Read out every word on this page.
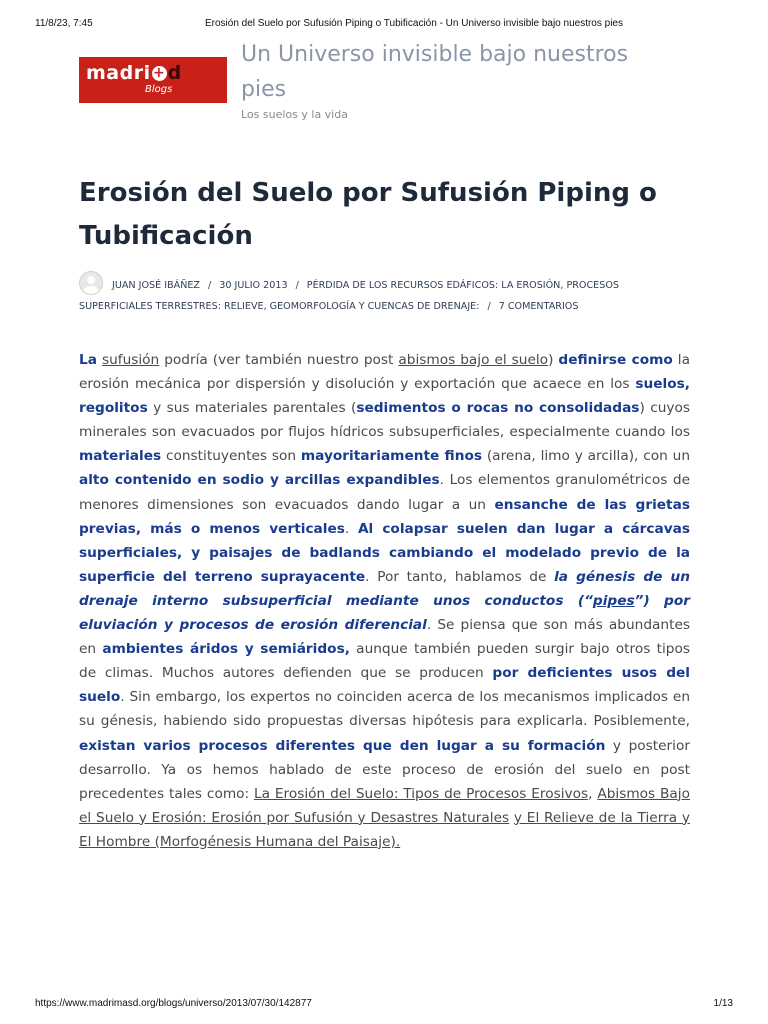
11/8/23, 7:45	Erosión del Suelo por Sufusión Piping o Tubificación - Un Universo invisible bajo nuestros pies
madri + d
Blogs
Un Universo invisible bajo nuestros pies
Los suelos y la vida
Erosión del Suelo por Sufusión Piping o Tubificación
JUAN JOSÉ IBÁÑEZ / 30 JULIO 2013 / PÉRDIDA DE LOS RECURSOS EDÁFICOS: LA EROSIÓN, PROCESOS SUPERFICIALES TERRESTRES: RELIEVE, GEOMORFOLOGÍA Y CUENCAS DE DRENAJE: / 7 COMENTARIOS
La sufusión podría (ver también nuestro post abismos bajo el suelo) definirse como la erosión mecánica por dispersión y disolución y exportación que acaece en los suelos, regolitos y sus materiales parentales (sedimentos o rocas no consolidadas) cuyos minerales son evacuados por flujos hídricos subsuperficiales, especialmente cuando los materiales constituyentes son mayoritariamente finos (arena, limo y arcilla), con un alto contenido en sodio y arcillas expandibles. Los elementos granulométricos de menores dimensiones son evacuados dando lugar a un ensanche de las grietas previas, más o menos verticales. Al colapsar suelen dan lugar a cárcavas superficiales, y paisajes de badlands cambiando el modelado previo de la superficie del terreno suprayacente. Por tanto, hablamos de la génesis de un drenaje interno subsuperficial mediante unos conductos (“pipes”) por eluviación y procesos de erosión diferencial. Se piensa que son más abundantes en ambientes áridos y semiáridos, aunque también pueden surgir bajo otros tipos de climas. Muchos autores defienden que se producen por deficientes usos del suelo. Sin embargo, los expertos no coinciden acerca de los mecanismos implicados en su génesis, habiendo sido propuestas diversas hipótesis para explicarla. Posiblemente, existan varios procesos diferentes que den lugar a su formación y posterior desarrollo. Ya os hemos hablado de este proceso de erosión del suelo en post precedentes tales como: La Erosión del Suelo: Tipos de Procesos Erosivos, Abismos Bajo el Suelo y Erosión: Erosión por Sufusión y Desastres Naturales y El Relieve de la Tierra y El Hombre (Morfogénesis Humana del Paisaje).
https://www.madrimasd.org/blogs/universo/2013/07/30/142877	1/13
